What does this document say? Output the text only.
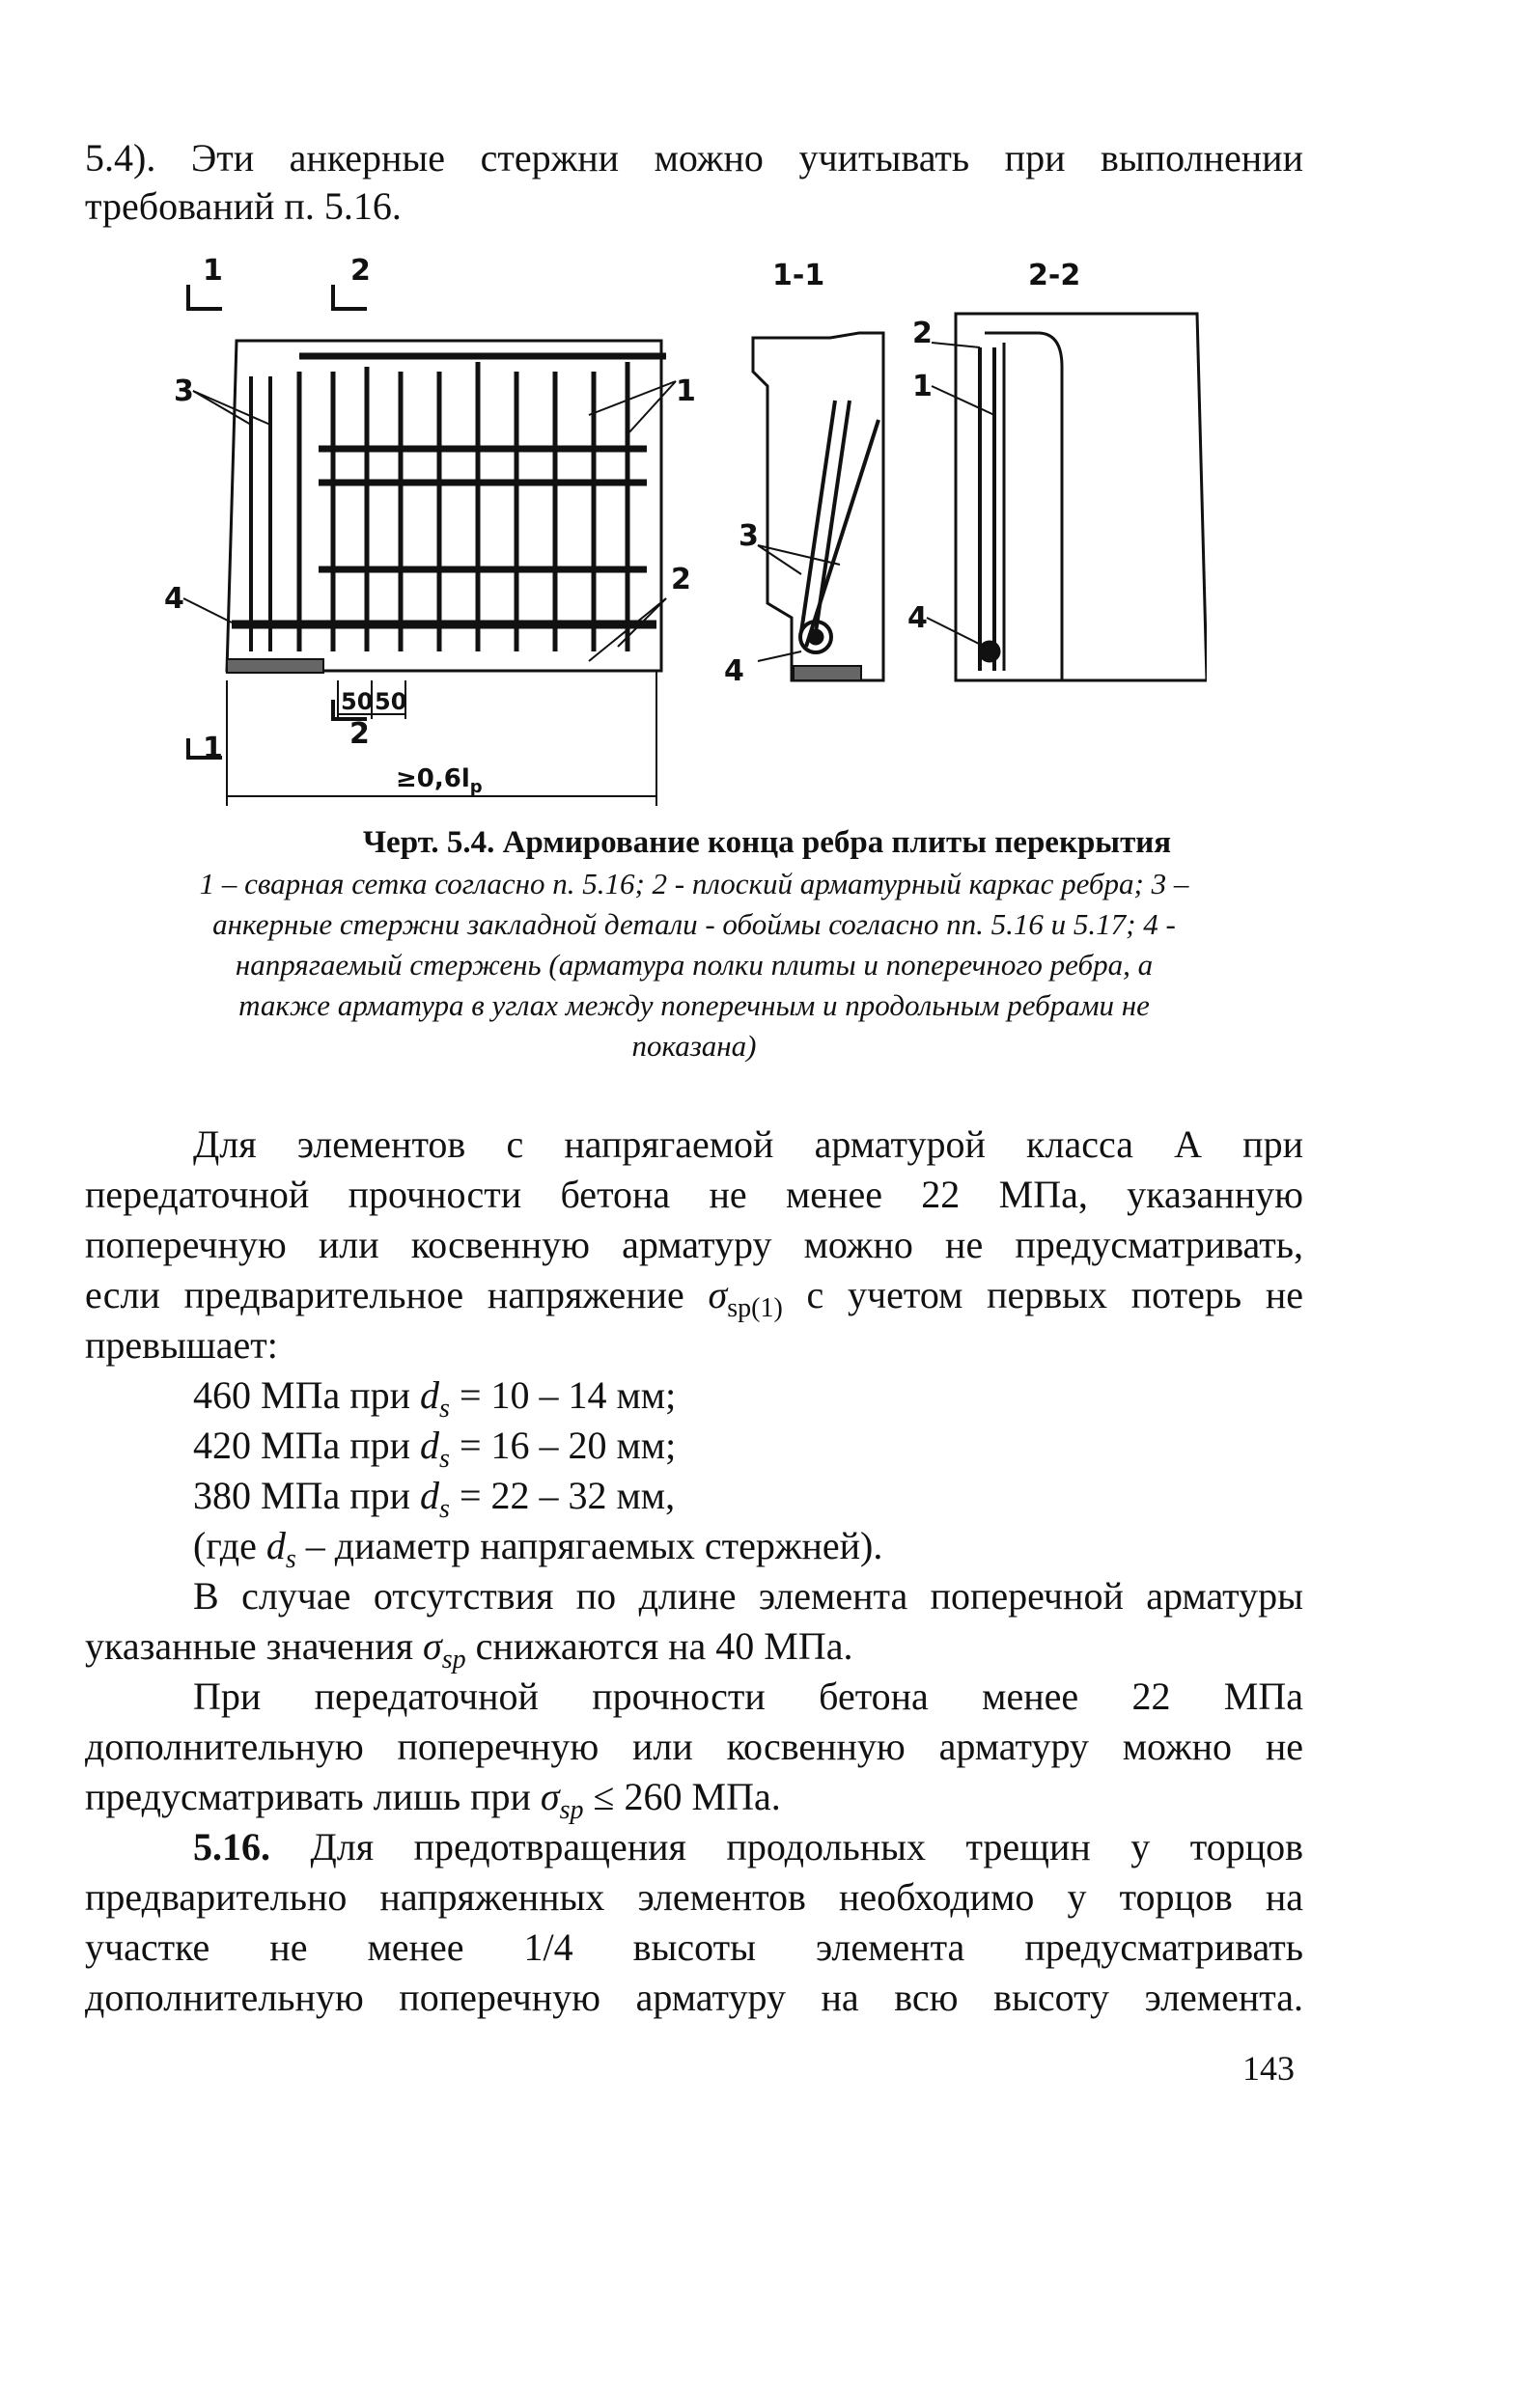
5.4). Эти анкерные стержни можно учитывать при выполнении
требований п. 5.16.
1	2
1	2
1-1	2-2
3	1
2
4
3
4
2
1
4
50 50
$\ge 0,6l_p$
Черт. 5.4. Армирование конца ребра плиты перекрытия
1 – сварная сетка согласно п. 5.16; 2 - плоский арматурный каркас ребра; 3 –
анкерные стержни закладной детали - обоймы согласно пп. 5.16 и 5.17; 4 -
напрягаемый стержень (арматура полки плиты и поперечного ребра, а
также арматура в углах между поперечным и продольным ребрами не
показана)
Для элементов с напрягаемой арматурой класса А при
передаточной прочности бетона не менее 22 МПа, указанную
поперечную или косвенную арматуру можно не предусматривать,
если предварительное напряжение $\sigma_{sp(1)}$ с учетом первых потерь не
превышает:
460 МПа при $d_s = 10 - 14$ мм;
420 МПа при $d_s = 16 - 20$ мм;
380 МПа при $d_s = 22 - 32$ мм,
(где $d_s$ – диаметр напрягаемых стержней).
В случае отсутствия по длине элемента поперечной арматуры
указанные значения $\sigma_{sp}$ снижаются на 40 МПа.
При передаточной прочности бетона менее 22 МПа
дополнительную поперечную или косвенную арматуру можно не
предусматривать лишь при $\sigma_{sp} \le 260$ МПа.
5.16. Для предотвращения продольных трещин у торцов
предварительно напряженных элементов необходимо у торцов на
участке не менее 1/4 высоты элемента предусматривать
дополнительную поперечную арматуру на всю высоту элемента.
143
